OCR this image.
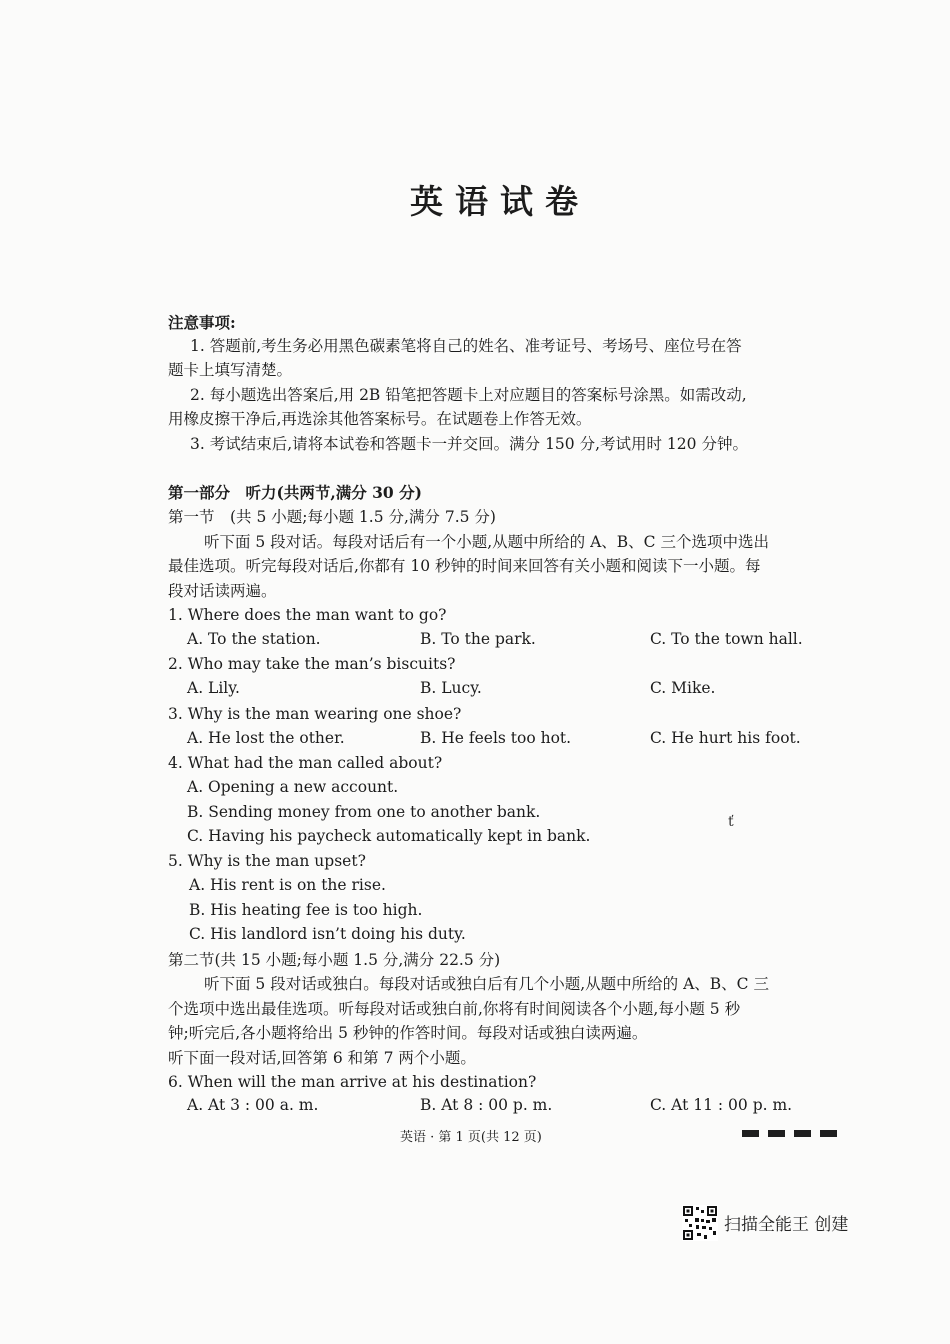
英语试卷
注意事项:
1. 答题前,考生务必用黑色碳素笔将自己的姓名、准考证号、考场号、座位号在答
题卡上填写清楚。
2. 每小题选出答案后,用 2B 铅笔把答题卡上对应题目的答案标号涂黑。如需改动,
用橡皮擦干净后,再选涂其他答案标号。在试题卷上作答无效。
3. 考试结束后,请将本试卷和答题卡一并交回。满分 150 分,考试用时 120 分钟。
第一部分　听力(共两节,满分 30 分)
第一节　(共 5 小题;每小题 1.5 分,满分 7.5 分)
听下面 5 段对话。每段对话后有一个小题,从题中所给的 A、B、C 三个选项中选出
最佳选项。听完每段对话后,你都有 10 秒钟的时间来回答有关小题和阅读下一小题。每
段对话读两遍。
1. Where does the man want to go?
A. To the station.	B. To the park.	C. To the town hall.
2. Who may take the man’s biscuits?
A. Lily.	B. Lucy.	C. Mike.
3. Why is the man wearing one shoe?
A. He lost the other.	B. He feels too hot.	C. He hurt his foot.
4. What had the man called about?
A. Opening a new account.
B. Sending money from one to another bank.
C. Having his paycheck automatically kept in bank.
ť
5. Why is the man upset?
A. His rent is on the rise.
B. His heating fee is too high.
C. His landlord isn’t doing his duty.
第二节(共 15 小题;每小题 1.5 分,满分 22.5 分)
听下面 5 段对话或独白。每段对话或独白后有几个小题,从题中所给的 A、B、C 三
个选项中选出最佳选项。听每段对话或独白前,你将有时间阅读各个小题,每小题 5 秒
钟;听完后,各小题将给出 5 秒钟的作答时间。每段对话或独白读两遍。
听下面一段对话,回答第 6 和第 7 两个小题。
6. When will the man arrive at his destination?
A. At 3 : 00 a. m.	B. At 8 : 00 p. m.	C. At 11 : 00 p. m.
英语 · 第 1 页(共 12 页)
扫描全能王 创建
